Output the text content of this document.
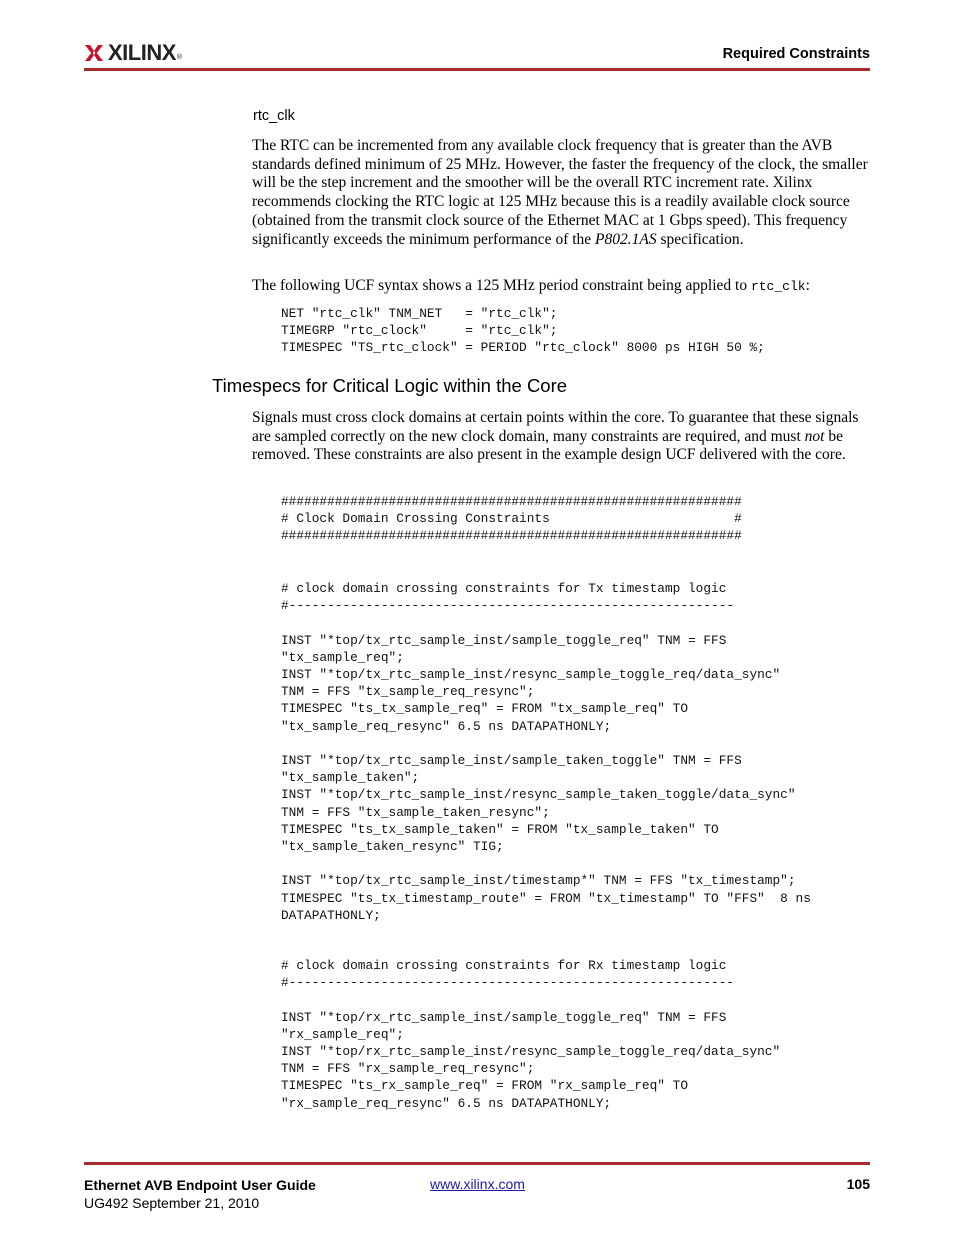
XILINX ®	Required Constraints
rtc_clk

The RTC can be incremented from any available clock frequency that is greater than the AVB standards defined minimum of 25 MHz. However, the faster the frequency of the clock, the smaller will be the step increment and the smoother will be the overall RTC increment rate. Xilinx recommends clocking the RTC logic at 125 MHz because this is a readily available clock source (obtained from the transmit clock source of the Ethernet MAC at 1 Gbps speed). This frequency significantly exceeds the minimum performance of the P802.1AS specification.

The following UCF syntax shows a 125 MHz period constraint being applied to rtc_clk:

NET "rtc_clk" TNM_NET   = "rtc_clk";
TIMEGRP "rtc_clock"     = "rtc_clk";
TIMESPEC "TS_rtc_clock" = PERIOD "rtc_clock" 8000 ps HIGH 50 %;
Timespecs for Critical Logic within the Core

Signals must cross clock domains at certain points within the core. To guarantee that these signals are sampled correctly on the new clock domain, many constraints are required, and must not be removed. These constraints are also present in the example design UCF delivered with the core.

############################################################
# Clock Domain Crossing Constraints                        #
############################################################
# clock domain crossing constraints for Tx timestamp logic
#----------------------------------------------------------

INST "*top/tx_rtc_sample_inst/sample_toggle_req" TNM = FFS
"tx_sample_req";
INST "*top/tx_rtc_sample_inst/resync_sample_toggle_req/data_sync"
TNM = FFS "tx_sample_req_resync";
TIMESPEC "ts_tx_sample_req" = FROM "tx_sample_req" TO
"tx_sample_req_resync" 6.5 ns DATAPATHONLY;

INST "*top/tx_rtc_sample_inst/sample_taken_toggle" TNM = FFS
"tx_sample_taken";
INST "*top/tx_rtc_sample_inst/resync_sample_taken_toggle/data_sync"
TNM = FFS "tx_sample_taken_resync";
TIMESPEC "ts_tx_sample_taken" = FROM "tx_sample_taken" TO
"tx_sample_taken_resync" TIG;

INST "*top/tx_rtc_sample_inst/timestamp*" TNM = FFS "tx_timestamp";
TIMESPEC "ts_tx_timestamp_route" = FROM "tx_timestamp" TO "FFS"  8 ns
DATAPATHONLY;
# clock domain crossing constraints for Rx timestamp logic
#----------------------------------------------------------

INST "*top/rx_rtc_sample_inst/sample_toggle_req" TNM = FFS
"rx_sample_req";
INST "*top/rx_rtc_sample_inst/resync_sample_toggle_req/data_sync"
TNM = FFS "rx_sample_req_resync";
TIMESPEC "ts_rx_sample_req" = FROM "rx_sample_req" TO
"rx_sample_req_resync" 6.5 ns DATAPATHONLY;
Ethernet AVB Endpoint User Guide
UG492 September 21, 2010
www.xilinx.com	105
